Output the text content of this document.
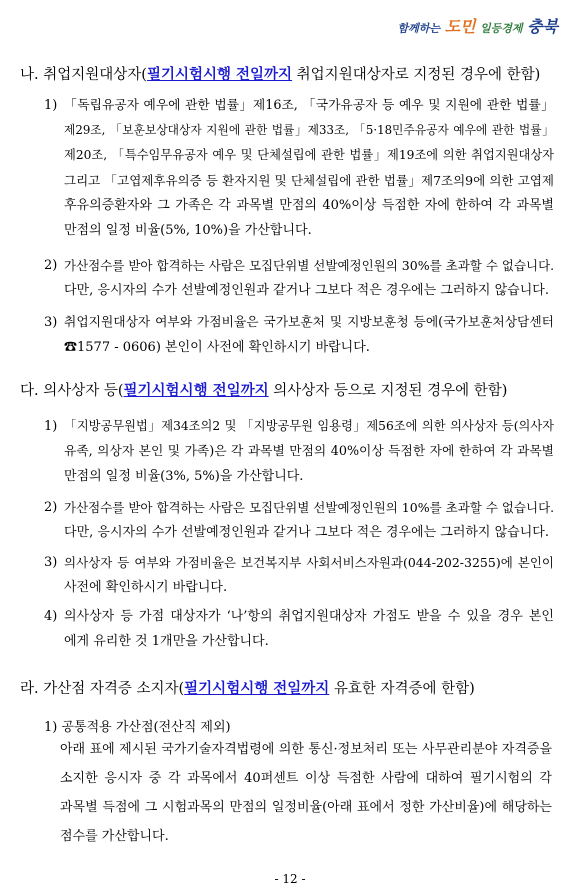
함께하는 도민 일등경제 충북
나. 취업지원대상자(필기시험시행 전일까지 취업지원대상자로 지정된 경우에 한함)
1) 「독립유공자 예우에 관한 법률」제16조, 「국가유공자 등 예우 및 지원에 관한 법률」
제29조, 「보훈보상대상자 지원에 관한 법률」제33조, 「5·18민주유공자 예우에 관한 법률」
제20조, 「특수임무유공자 예우 및 단체설립에 관한 법률」제19조에 의한 취업지원대상자
그리고 「고엽제후유의증 등 환자지원 및 단체설립에 관한 법률」제7조의9에 의한 고엽제
후유의증환자와 그 가족은 각 과목별 만점의 40%이상 득점한 자에 한하여 각 과목별
만점의 일정 비율(5%, 10%)을 가산합니다.
2) 가산점수를 받아 합격하는 사람은 모집단위별 선발예정인원의 30%를 초과할 수 없습니다.
다만, 응시자의 수가 선발예정인원과 같거나 그보다 적은 경우에는 그러하지 않습니다.
3) 취업지원대상자 여부와 가점비율은 국가보훈처 및 지방보훈청 등에(국가보훈처상담센터
☎1577 - 0606) 본인이 사전에 확인하시기 바랍니다.
다. 의사상자 등(필기시험시행 전일까지 의사상자 등으로 지정된 경우에 한함)
1) 「지방공무원법」제34조의2 및 「지방공무원 임용령」제56조에 의한 의사상자 등(의사자
유족, 의상자 본인 및 가족)은 각 과목별 만점의 40%이상 득점한 자에 한하여 각 과목별
만점의 일정 비율(3%, 5%)을 가산합니다.
2) 가산점수를 받아 합격하는 사람은 모집단위별 선발예정인원의 10%를 초과할 수 없습니다.
다만, 응시자의 수가 선발예정인원과 같거나 그보다 적은 경우에는 그러하지 않습니다.
3) 의사상자 등 여부와 가점비율은 보건복지부 사회서비스자원과(044-202-3255)에 본인이
사전에 확인하시기 바랍니다.
4) 의사상자 등 가점 대상자가 ‘나’항의 취업지원대상자 가점도 받을 수 있을 경우 본인
에게 유리한 것 1개만을 가산합니다.
라. 가산점 자격증 소지자(필기시험시행 전일까지 유효한 자격증에 한함)
1) 공통적용 가산점(전산직 제외)
아래 표에 제시된 국가기술자격법령에 의한 통신·정보처리 또는 사무관리분야 자격증을
소지한 응시자 중 각 과목에서 40퍼센트 이상 득점한 사람에 대하여 필기시험의 각
과목별 득점에 그 시험과목의 만점의 일정비율(아래 표에서 정한 가산비율)에 해당하는
점수를 가산합니다.
- 12 -
